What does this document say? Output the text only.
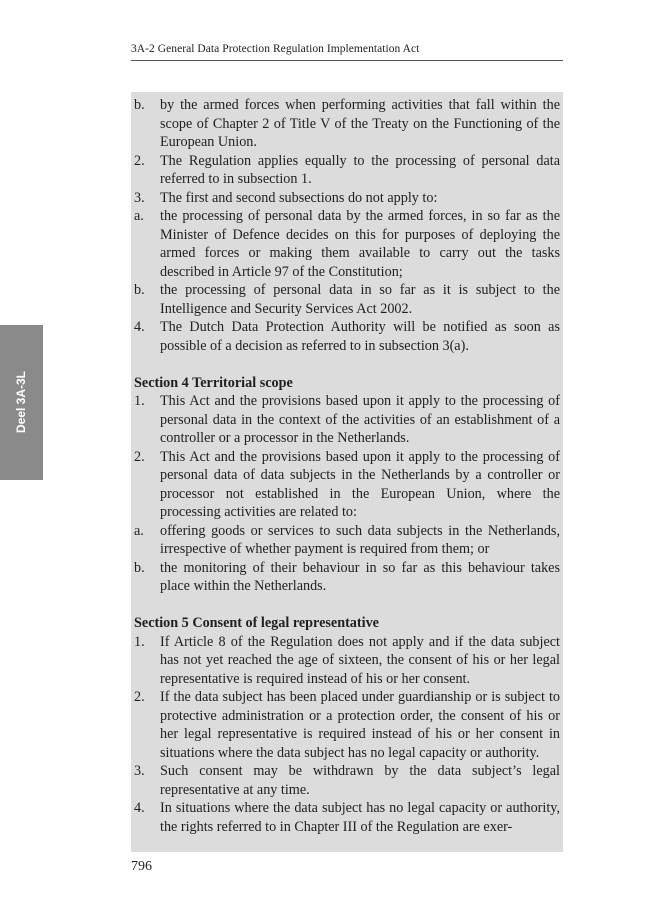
3A-2 General Data Protection Regulation Implementation Act
Deel 3A-3L
b.	by the armed forces when performing activities that fall within the scope of Chapter 2 of Title V of the Treaty on the Functioning of the European Union.
2.	The Regulation applies equally to the processing of personal data referred to in subsection 1.
3.	The first and second subsections do not apply to:
a.	the processing of personal data by the armed forces, in so far as the Minister of Defence decides on this for purposes of deploying the armed forces or making them available to carry out the tasks described in Article 97 of the Constitution;
b.	the processing of personal data in so far as it is subject to the Intelligence and Security Services Act 2002.
4.	The Dutch Data Protection Authority will be notified as soon as possible of a decision as referred to in subsection 3(a).
Section 4 Territorial scope
1.	This Act and the provisions based upon it apply to the processing of personal data in the context of the activities of an establishment of a controller or a processor in the Netherlands.
2.	This Act and the provisions based upon it apply to the processing of personal data of data subjects in the Netherlands by a controller or processor not established in the European Union, where the processing activities are related to:
a.	offering goods or services to such data subjects in the Netherlands, irrespective of whether payment is required from them; or
b.	the monitoring of their behaviour in so far as this behaviour takes place within the Netherlands.
Section 5 Consent of legal representative
1.	If Article 8 of the Regulation does not apply and if the data subject has not yet reached the age of sixteen, the consent of his or her legal representative is required instead of his or her consent.
2.	If the data subject has been placed under guardianship or is subject to protective administration or a protection order, the consent of his or her legal representative is required instead of his or her consent in situations where the data subject has no legal capacity or authority.
3.	Such consent may be withdrawn by the data subject’s legal representative at any time.
4.	In situations where the data subject has no legal capacity or authority, the rights referred to in Chapter III of the Regulation are exer-
796
